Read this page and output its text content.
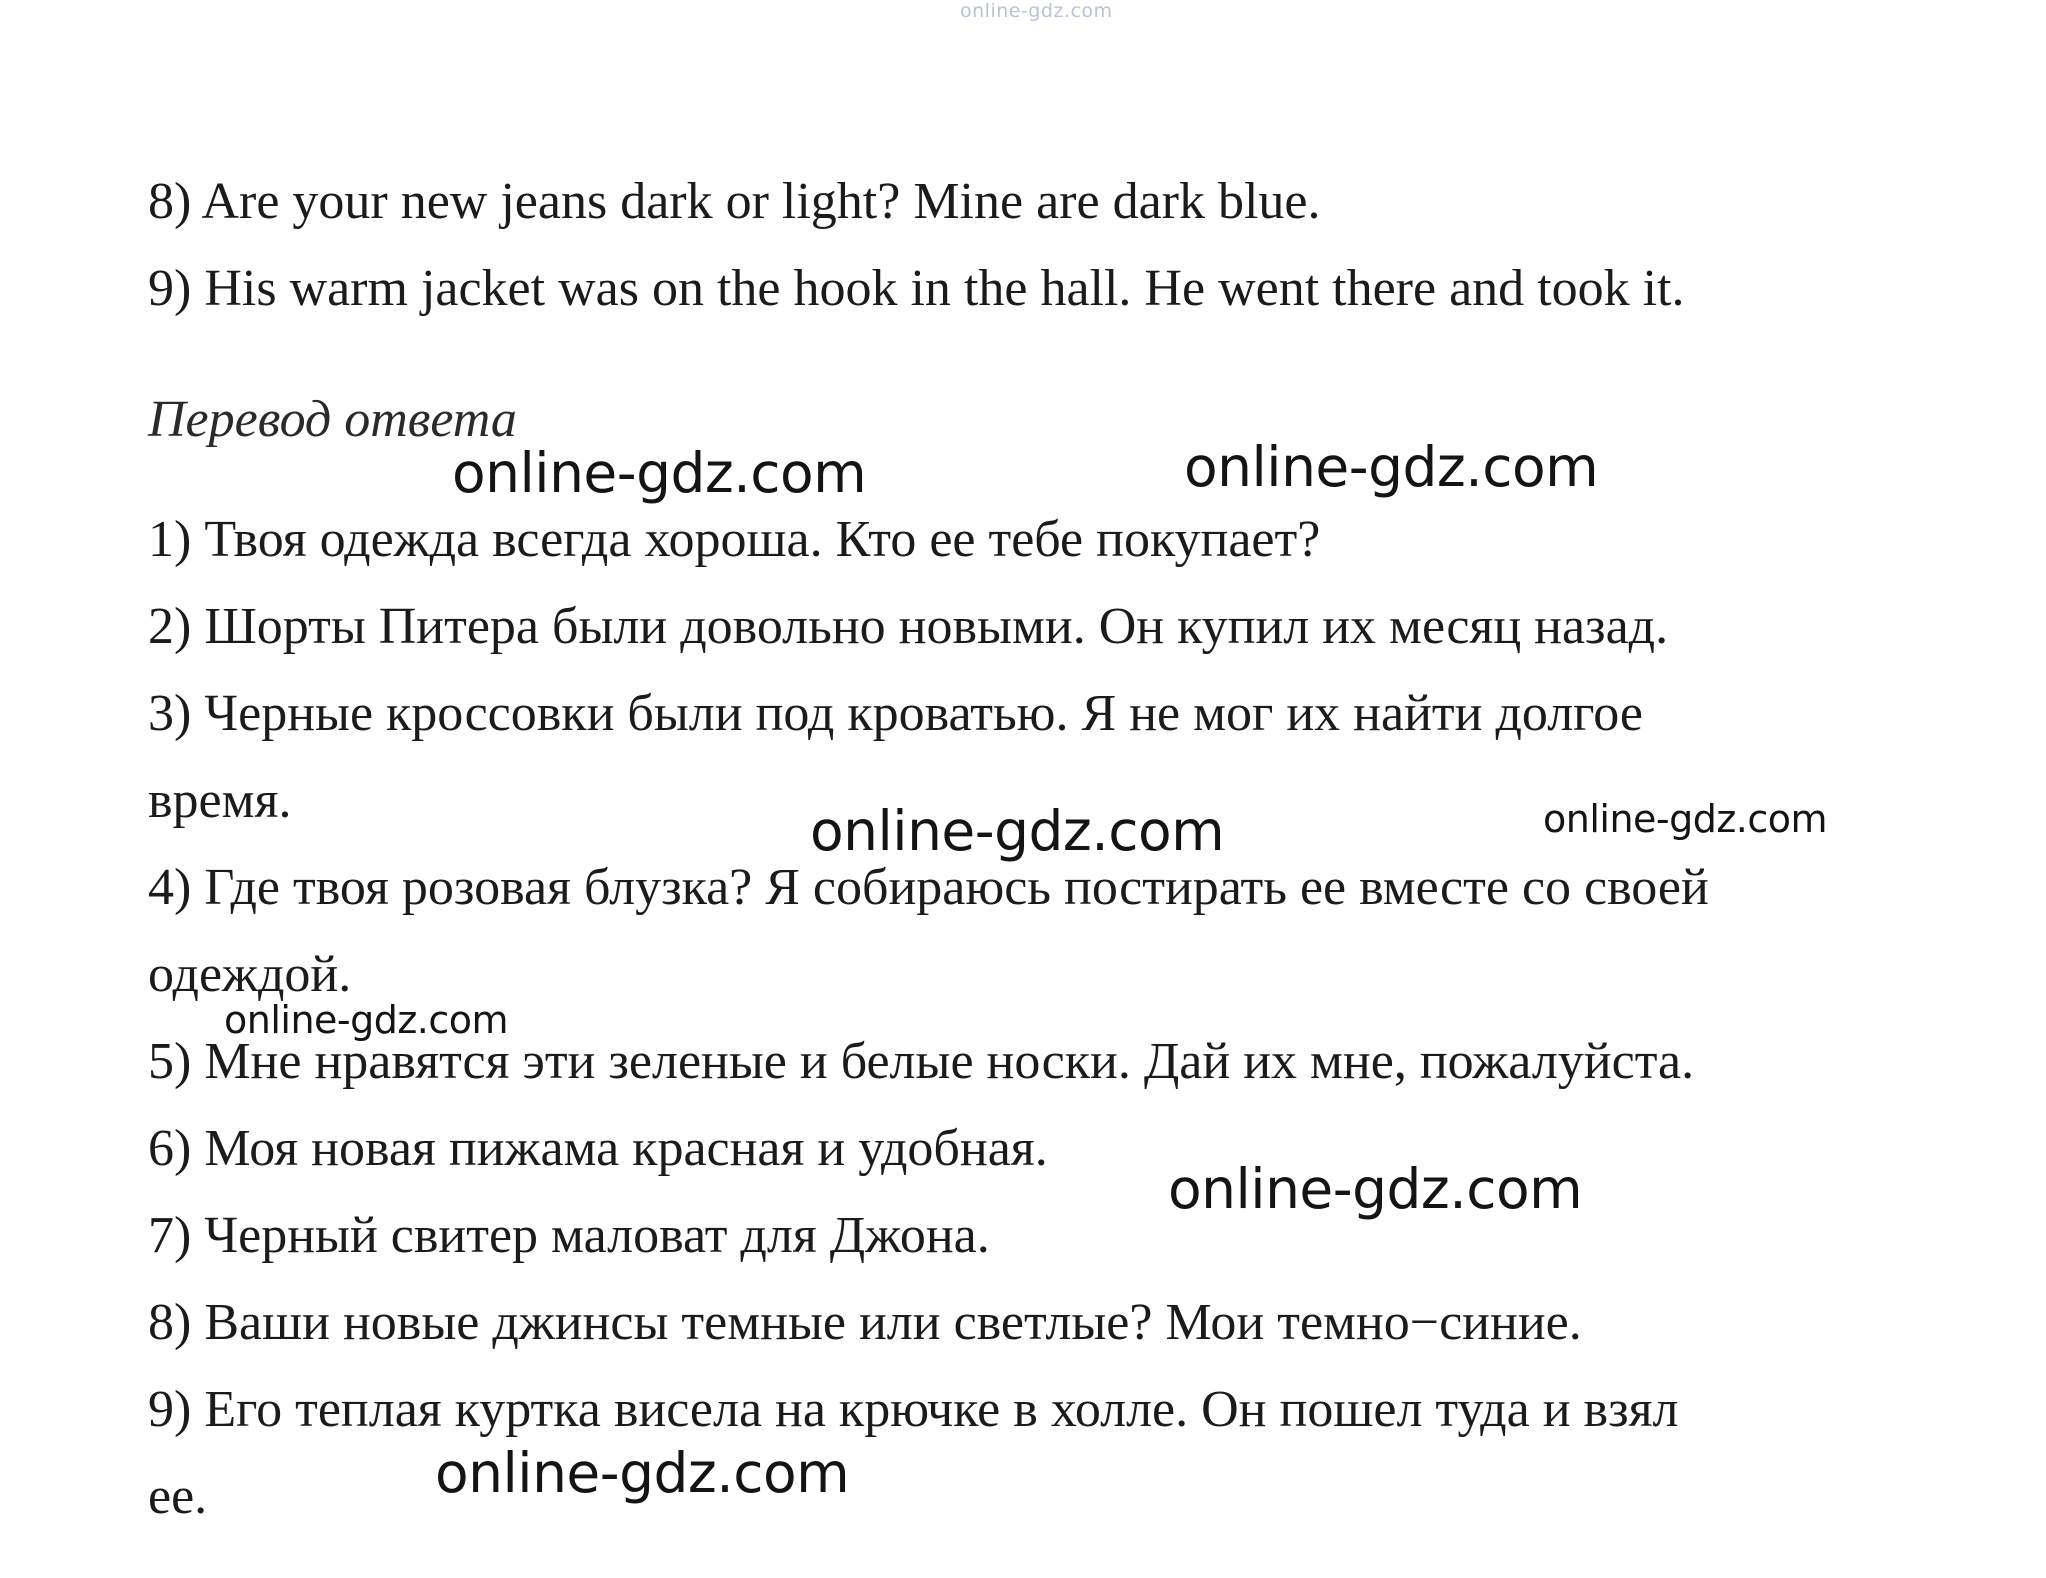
online-gdz.com
8) Are your new jeans dark or light? Mine are dark blue.
9) His warm jacket was on the hook in the hall. He went there and took it.
Перевод ответа
1) Твоя одежда всегда хороша. Кто ее тебе покупает?
2) Шорты Питера были довольно новыми. Он купил их месяц назад.
3) Черные кроссовки были под кроватью. Я не мог их найти долгое
время.
4) Где твоя розовая блузка? Я собираюсь постирать ее вместе со своей
одеждой.
5) Мне нравятся эти зеленые и белые носки. Дай их мне, пожалуйста.
6) Моя новая пижама красная и удобная.
7) Черный свитер маловат для Джона.
8) Ваши новые джинсы темные или светлые? Мои темно−синие.
9) Его теплая куртка висела на крючке в холле. Он пошел туда и взял
ее.
online-gdz.com	online-gdz.com
online-gdz.com	online-gdz.com
online-gdz.com
online-gdz.com
online-gdz.com
